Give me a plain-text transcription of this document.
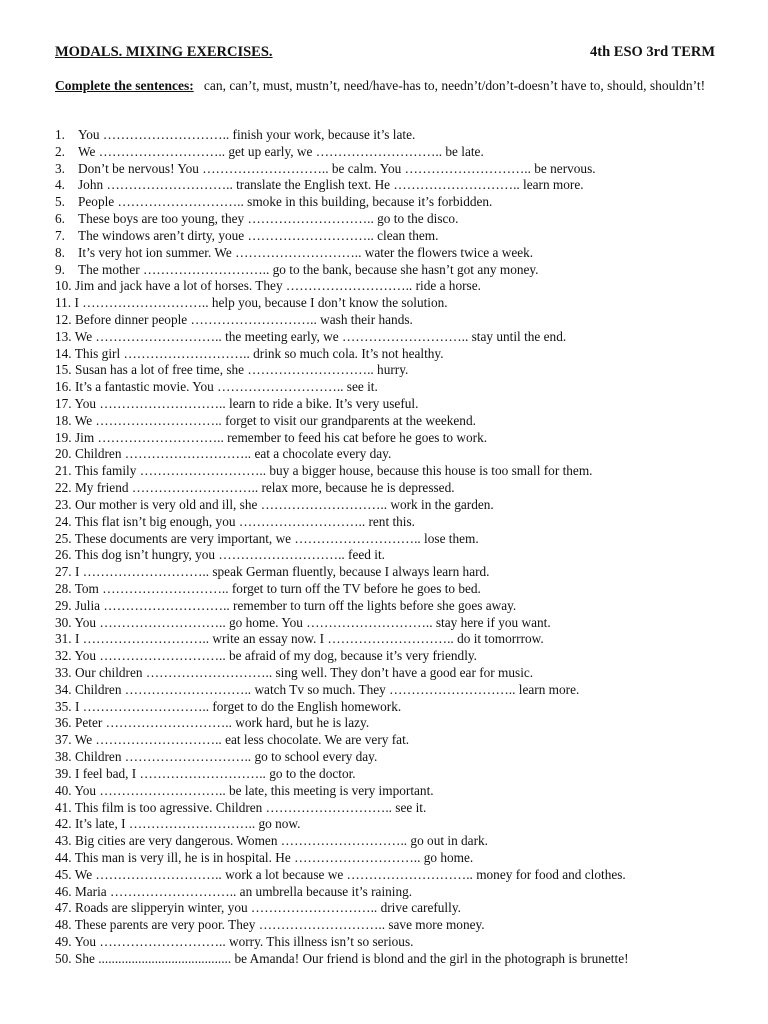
MODALS. MIXING EXERCISES.	4th ESO 3rd TERM
Complete the sentences: can, can’t, must, mustn’t, need/have-has to, needn’t/don’t-doesn’t have to, should, shouldn’t!
1. You ……………………….. finish your work, because it’s late.
2. We ……………………….. get up early, we ……………………….. be late.
3. Don’t be nervous! You ……………………….. be calm. You ……………………….. be nervous.
4. John ……………………….. translate the English text. He ……………………….. learn more.
5. People ……………………….. smoke in this building, because it’s forbidden.
6. These boys are too young, they ……………………….. go to the disco.
7. The windows aren’t dirty, youe ……………………….. clean them.
8. It’s very hot ion summer. We ……………………….. water the flowers twice a week.
9. The mother ……………………….. go to the bank, because she hasn’t got any money.
10. Jim and jack have a lot of horses. They ……………………….. ride a horse.
11. I ……………………….. help you, because I don’t know the solution.
12. Before dinner people ……………………….. wash their hands.
13. We ……………………….. the meeting early, we ……………………….. stay until the end.
14. This girl ……………………….. drink so much cola. It’s not healthy.
15. Susan has a lot of free time, she ……………………….. hurry.
16. It’s a fantastic movie. You ……………………….. see it.
17. You ……………………….. learn to ride a bike. It’s very useful.
18. We ……………………….. forget to visit our grandparents at the weekend.
19. Jim ……………………….. remember to feed his cat before he goes to work.
20. Children ……………………….. eat a chocolate every day.
21. This family ……………………….. buy a bigger house, because this house is too small for them.
22. My friend ……………………….. relax more, because he is depressed.
23. Our mother is very old and ill, she ……………………….. work in the garden.
24. This flat isn’t big enough, you ……………………….. rent this.
25. These documents are very important, we ……………………….. lose them.
26. This dog isn’t hungry, you ……………………….. feed it.
27. I ……………………….. speak German fluently, because I always learn hard.
28. Tom ……………………….. forget to turn off the TV before he goes to bed.
29. Julia ……………………….. remember to turn off the lights before she goes away.
30. You ……………………….. go home. You ……………………….. stay here if you want.
31. I ……………………….. write an essay now. I ……………………….. do it tomorrrow.
32. You ……………………….. be afraid of my dog, because it’s very friendly.
33. Our children ……………………….. sing well. They don’t have a good ear for music.
34. Children ……………………….. watch Tv so much. They ……………………….. learn more.
35. I ……………………….. forget to do the English homework.
36. Peter ……………………….. work hard, but he is lazy.
37. We ……………………….. eat less chocolate. We are very fat.
38. Children ……………………….. go to school every day.
39. I feel bad, I ……………………….. go to the doctor.
40. You ……………………….. be late, this meeting is very important.
41. This film is too agressive. Children ……………………….. see it.
42. It’s late, I ……………………….. go now.
43. Big cities are very dangerous. Women ……………………….. go out in dark.
44. This man is very ill, he is in hospital. He ……………………….. go home.
45. We ……………………….. work a lot because we ……………………….. money for food and clothes.
46. Maria ……………………….. an umbrella because it’s raining.
47. Roads are slipperyin winter, you ……………………….. drive carefully.
48. These parents are very poor. They ……………………….. save more money.
49. You ……………………….. worry. This illness isn’t so serious.
50. She ........................................ be Amanda! Our friend is blond and the girl in the photograph is brunette!
